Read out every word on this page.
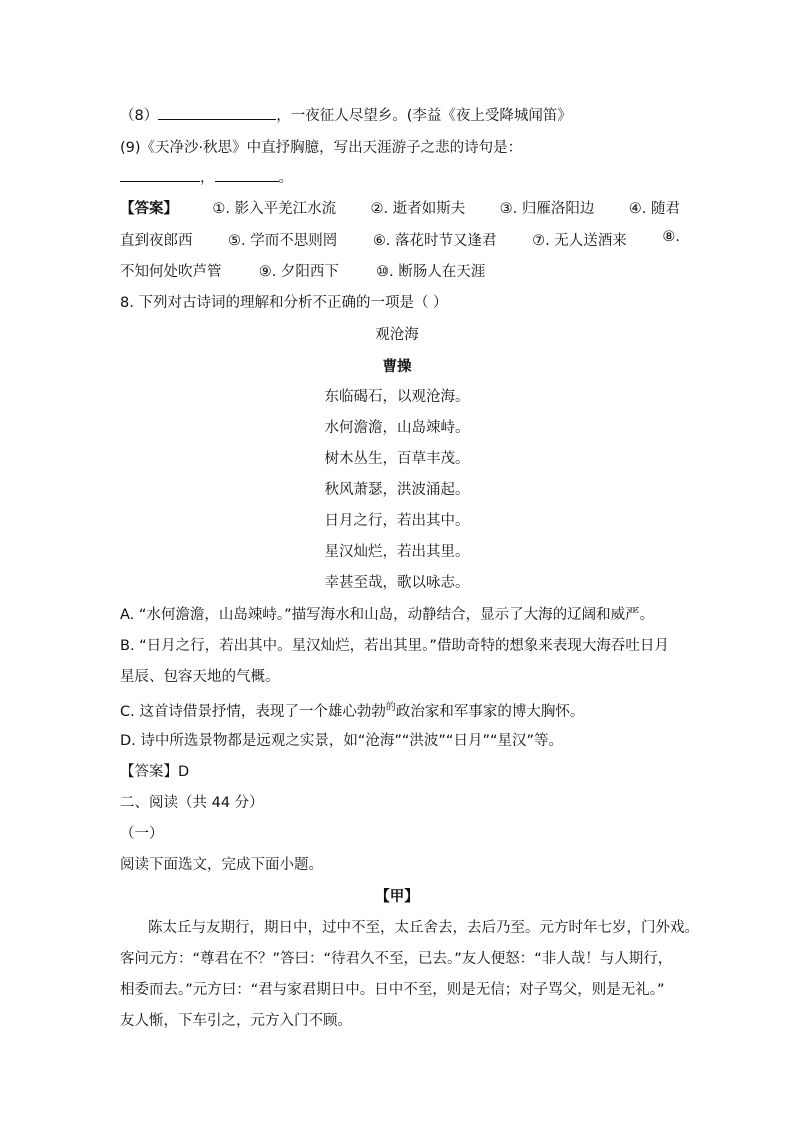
（8）	，一夜征人尽望乡。(李益《夜上受降城闻笛》
(9)《天净沙·秋思》中直抒胸臆，写出天涯游子之悲的诗句是：
，	。
【答案】 ①. 影入平羌江水流 ②. 逝者如斯夫 ③. 归雁洛阳边 ④. 随君
直到夜郎西 ⑤. 学而不思则罔 ⑥. 落花时节又逢君 ⑦. 无人送酒来 ⑧.
不知何处吹芦管	⑨. 夕阳西下	⑩. 断肠人在天涯
8. 下列对古诗词的理解和分析不正确的一项是（ ）
观沧海
曹操
东临碣石，以观沧海。
水何澹澹，山岛竦峙。
树木丛生，百草丰茂。
秋风萧瑟，洪波涌起。
日月之行，若出其中。
星汉灿烂，若出其里。
幸甚至哉，歌以咏志。
A. “水何澹澹，山岛竦峙。”描写海水和山岛，动静结合，显示了大海的辽阔和威严。
B. “日月之行，若出其中。星汉灿烂，若出其里。”借助奇特的想象来表现大海吞吐日月
星辰、包容天地的气概。
C. 这首诗借景抒情，表现了一个雄心勃勃$^的$政治家和军事家的博大胸怀。
D. 诗中所选景物都是远观之实景，如“沧海”“洪波”“日月”“星汉”等。
【答案】D
二、阅读（共 44 分）
（一）
阅读下面选文，完成下面小题。
【甲】
陈太丘与友期行，期日中，过中不至，太丘舍去，去后乃至。元方时年七岁，门外戏。
客问元方：“尊君在不？”答曰：“待君久不至，已去。”友人便怒：“非人哉！与人期行，
相委而去。”元方曰：“君与家君期日中。日中不至，则是无信；对子骂父，则是无礼。”
友人惭，下车引之，元方入门不顾。
